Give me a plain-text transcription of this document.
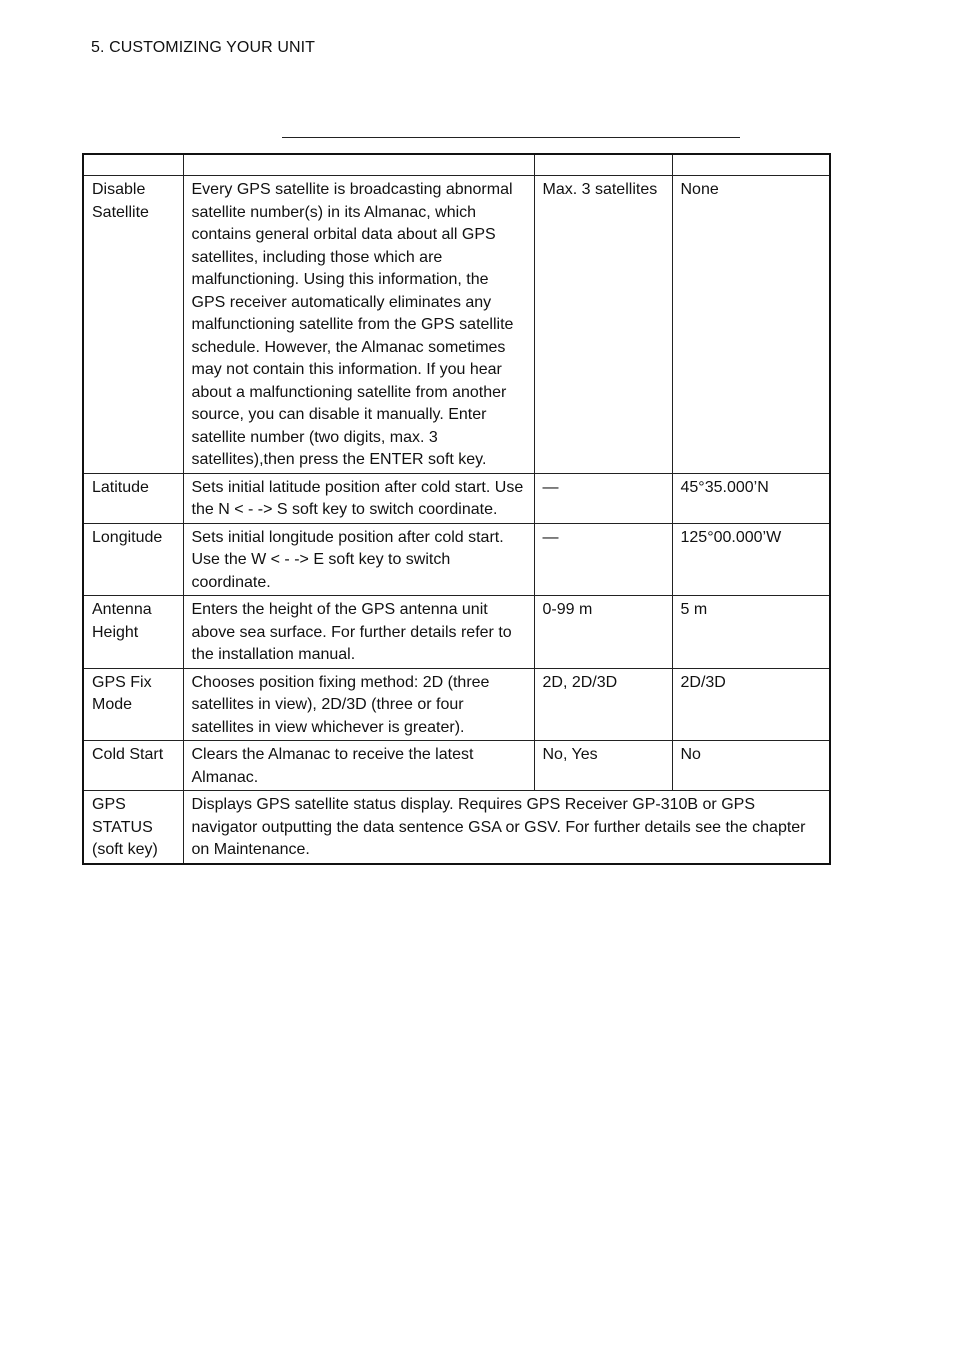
5. CUSTOMIZING YOUR UNIT

Disable Satellite	Every GPS satellite is broadcasting abnormal satellite number(s) in its Almanac, which contains general orbital data about all GPS satellites, including those which are malfunctioning. Using this information, the GPS receiver automatically eliminates any malfunctioning satellite from the GPS satellite schedule. However, the Almanac sometimes may not contain this information. If you hear about a malfunctioning satellite from another source, you can disable it manually. Enter satellite number (two digits, max. 3 satellites),then press the ENTER soft key.	Max. 3 satellites	None
Latitude	Sets initial latitude position after cold start. Use the N < - -> S soft key to switch coordinate.	—	45°35.000’N
Longitude	Sets initial longitude position after cold start. Use the W < - -> E soft key to switch coordinate.	—	125°00.000’W
Antenna Height	Enters the height of the GPS antenna unit above sea surface. For further details refer to the installation manual.	0-99 m	5 m
GPS Fix Mode	Chooses position fixing method: 2D (three satellites in view), 2D/3D (three or four satellites in view whichever is greater).	2D, 2D/3D	2D/3D
Cold Start	Clears the Almanac to receive the latest Almanac.	No, Yes	No
GPS STATUS (soft key)	Displays GPS satellite status display. Requires GPS Receiver GP-310B or GPS navigator outputting the data sentence GSA or GSV. For further details see the chapter on Maintenance.		
